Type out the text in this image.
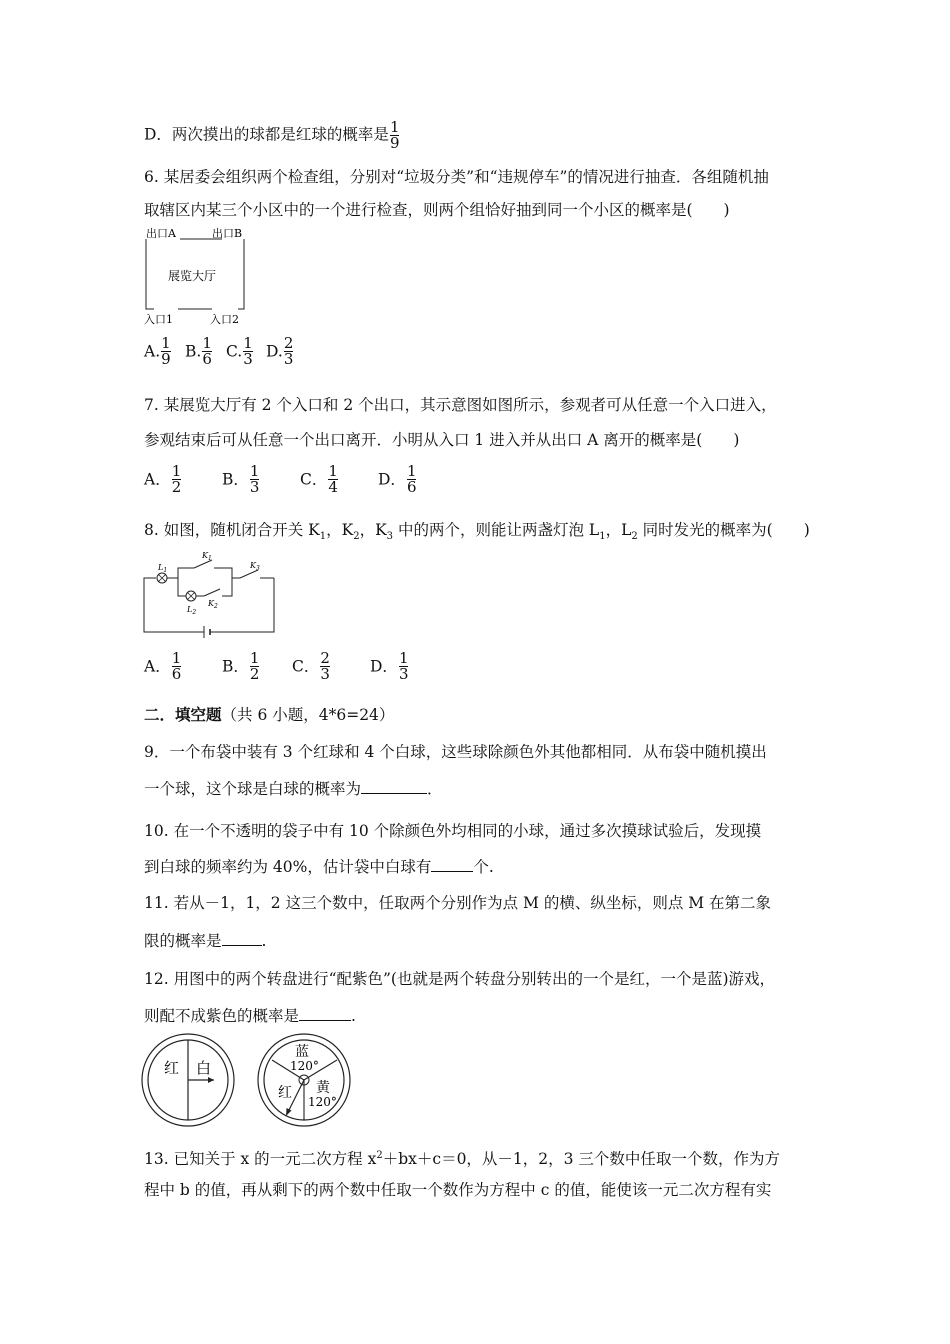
D．两次摸出的球都是红球的概率是 $\frac{1}{9}$
6. 某居委会组织两个检查组，分别对“垃圾分类”和“违规停车”的情况进行抽查．各组随机抽
取辖区内某三个小区中的一个进行检查，则两个组恰好抽到同一个小区的概率是(　　)
出口A	出口B
展览大厅
入口1	入口2
A. $\frac{1}{9} B$. $\frac{1}{6} C$. $\frac{1}{3} D$. $\frac{2}{3}$
7. 某展览大厅有 2 个入口和 2 个出口，其示意图如图所示，参观者可从任意一个入口进入，
参观结束后可从任意一个出口离开．小明从入口 1 进入并从出口 A 离开的概率是(　　)
A． $\frac{1}{2}$	B． $\frac{1}{3}$	C． $\frac{1}{4}$	D． $\frac{1}{6}$
8. 如图，随机闭合开关 $K_1$，$K_2$，$K_3$ 中的两个，则能让两盏灯泡 $L_1$，$L_2$ 同时发光的概率为(　　)
$L_1$
$K_1$
$L_2$
$K_2$
$K_3$
A． $\frac{1}{6}$	B． $\frac{1}{2}$ C． $\frac{2}{3}$	D． $\frac{1}{3}$
二．填空题（共 6 小题，4*6=24）
9．一个布袋中装有 3 个红球和 4 个白球，这些球除颜色外其他都相同．从布袋中随机摸出
一个球，这个球是白球的概率为	．
10. 在一个不透明的袋子中有 10 个除颜色外均相同的小球，通过多次摸球试验后，发现摸
到白球的频率约为 40%，估计袋中白球有	个.
11. 若从－1，1，2 这三个数中，任取两个分别作为点 M 的横、纵坐标，则点 M 在第二象
限的概率是	.
12. 用图中的两个转盘进行“配紫色”(也就是两个转盘分别转出的一个是红，一个是蓝)游戏，
则配不成紫色的概率是	.
红 白
蓝
120°
黄
120°
红
13. 已知关于 x 的一元二次方程 $x^2+bx+c=0$，从－1，2，3 三个数中任取一个数，作为方
程中 b 的值，再从剩下的两个数中任取一个数作为方程中 c 的值，能使该一元二次方程有实
